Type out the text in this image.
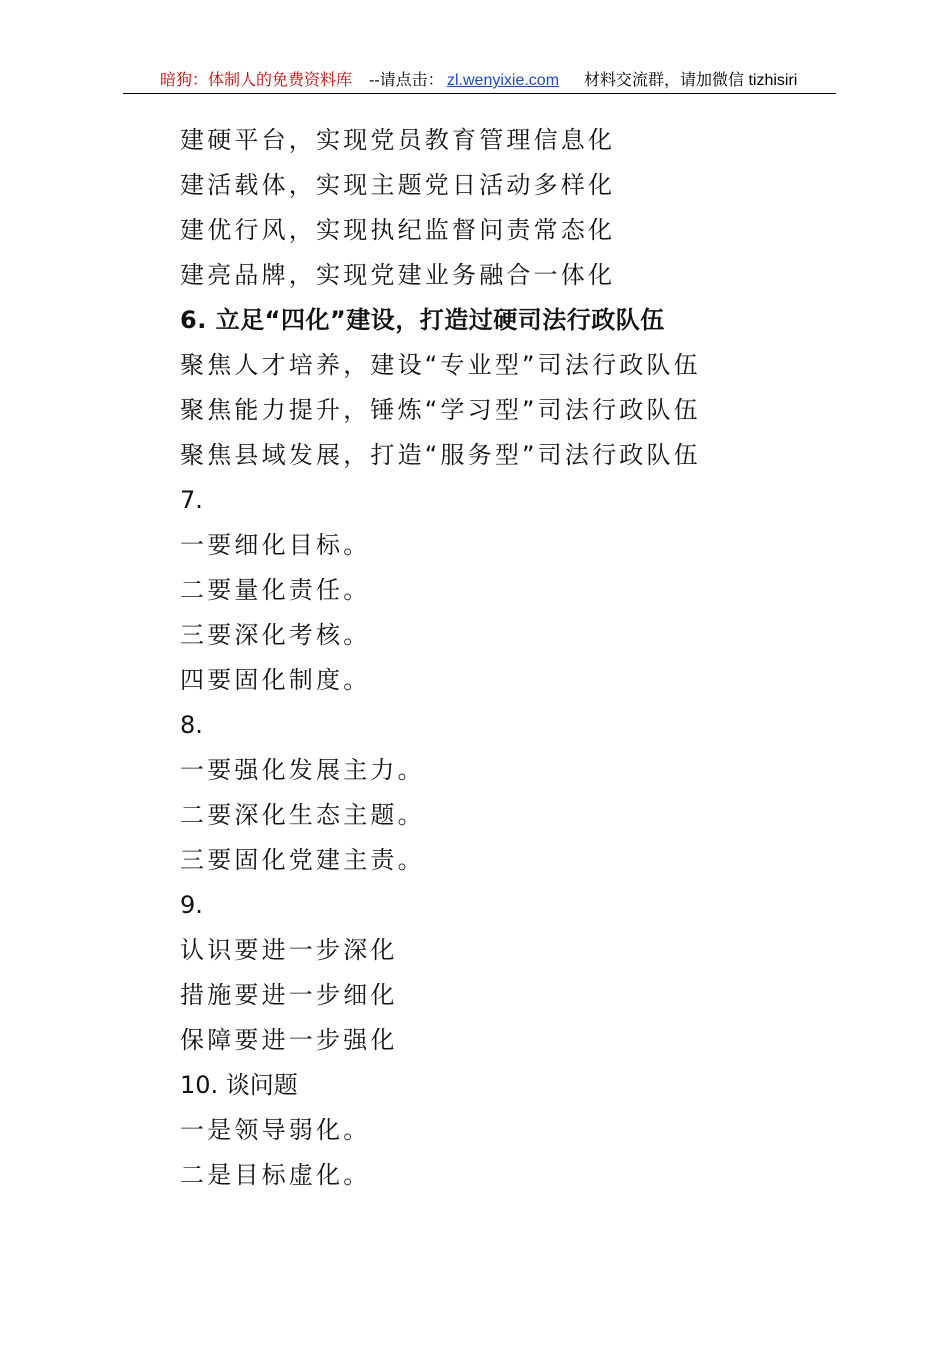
暗狗：体制人的免费资料库 --请点击： zl.wenyixie.com 材料交流群，请加微信 tizhisiri
建硬平台，实现党员教育管理信息化
建活载体，实现主题党日活动多样化
建优行风，实现执纪监督问责常态化
建亮品牌，实现党建业务融合一体化
6. 立足“四化”建设，打造过硬司法行政队伍
聚焦人才培养，建设“专业型”司法行政队伍
聚焦能力提升，锤炼“学习型”司法行政队伍
聚焦县域发展，打造“服务型”司法行政队伍
7.
一要细化目标。
二要量化责任。
三要深化考核。
四要固化制度。
8.
一要强化发展主力。
二要深化生态主题。
三要固化党建主责。
9.
认识要进一步深化
措施要进一步细化
保障要进一步强化
10. 谈问题
一是领导弱化。
二是目标虚化。
